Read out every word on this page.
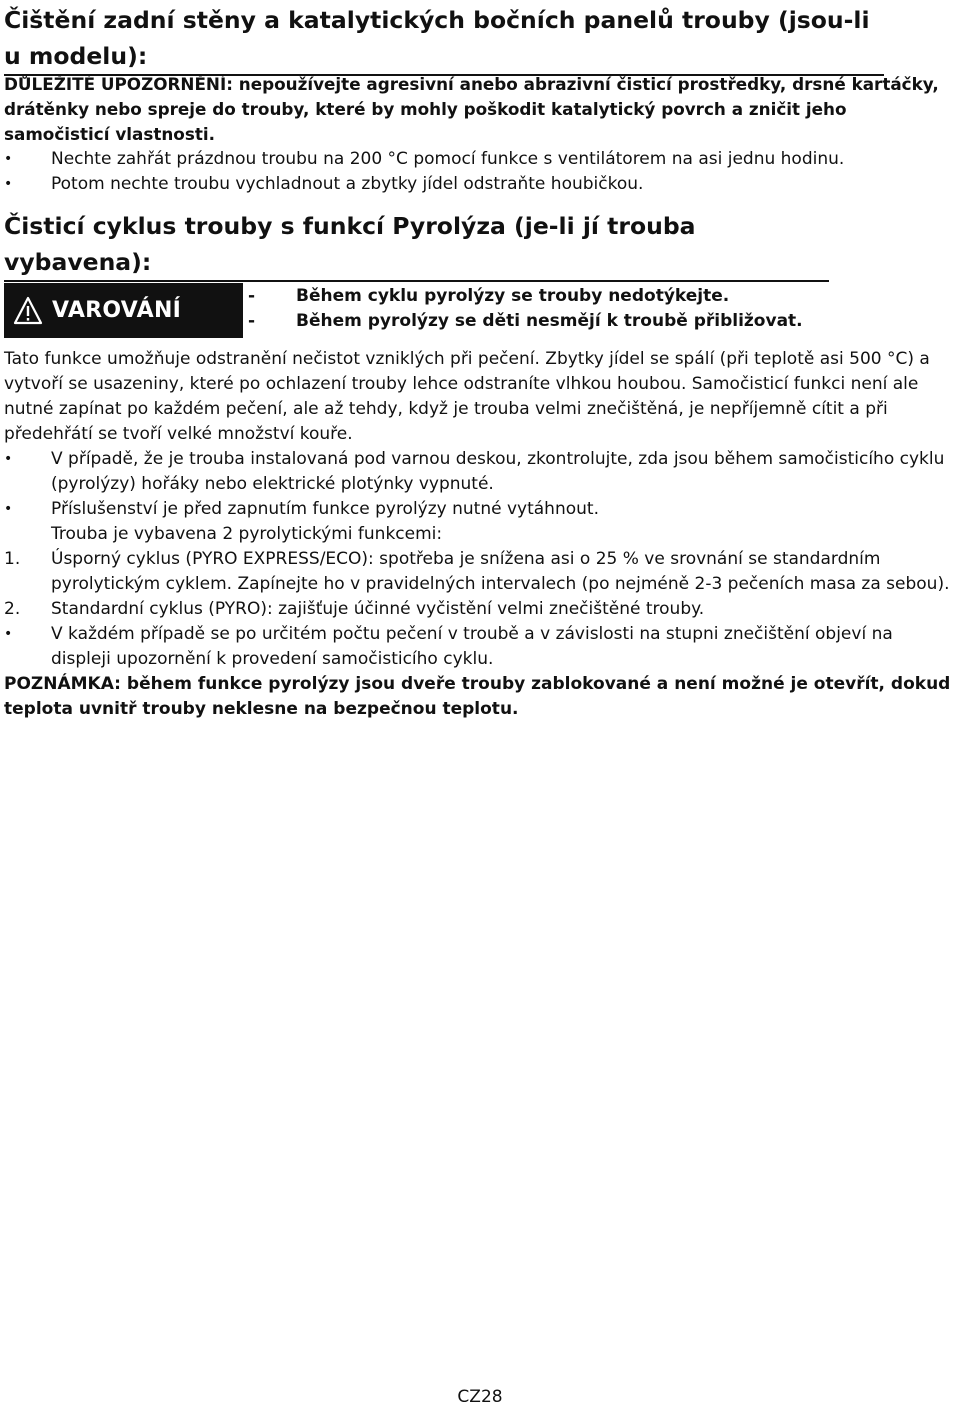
Čištění zadní stěny a katalytických bočních panelů trouby (jsou-li u modelu):

DŮLEŽITÉ UPOZORNĚNÍ: nepoužívejte agresivní anebo abrazivní čisticí prostředky, drsné kartáčky, drátěnky nebo spreje do trouby, které by mohly poškodit katalytický povrch a zničit jeho samočisticí vlastnosti.

•	Nechte zahřát prázdnou troubu na 200 °C pomocí funkce s ventilátorem na asi jednu hodinu.
•	Potom nechte troubu vychladnout a zbytky jídel odstraňte houbičkou.
Čisticí cyklus trouby s funkcí Pyrolýza (je-li jí trouba vybavena):
VAROVÁNÍ
- Během cyklu pyrolýzy se trouby nedotýkejte.
- Během pyrolýzy se děti nesmějí k troubě přibližovat.

Tato funkce umožňuje odstranění nečistot vzniklých při pečení. Zbytky jídel se spálí (při teplotě asi 500 °C) a vytvoří se usazeniny, které po ochlazení trouby lehce odstraníte vlhkou houbou. Samočisticí funkci není ale nutné zapínat po každém pečení, ale až tehdy, když je trouba velmi znečištěná, je nepříjemně cítit a při předehřátí se tvoří velké množství kouře.

• V případě, že je trouba instalovaná pod varnou deskou, zkontrolujte, zda jsou během samočisticího cyklu (pyrolýzy) hořáky nebo elektrické plotýnky vypnuté.
• Příslušenství je před zapnutím funkce pyrolýzy nutné vytáhnout.
Trouba je vybavena 2 pyrolytickými funkcemi:
1. Úsporný cyklus (PYRO EXPRESS/ECO): spotřeba je snížena asi o 25 % ve srovnání se standardním pyrolytickým cyklem. Zapínejte ho v pravidelných intervalech (po nejméně 2-3 pečeních masa za sebou).
2. Standardní cyklus (PYRO): zajišťuje účinné vyčistění velmi znečištěné trouby.
• V každém případě se po určitém počtu pečení v troubě a v závislosti na stupni znečištění objeví na displeji upozornění k provedení samočisticího cyklu.

POZNÁMKA: během funkce pyrolýzy jsou dveře trouby zablokované a není možné je otevřít, dokud teplota uvnitř trouby neklesne na bezpečnou teplotu.

CZ28
